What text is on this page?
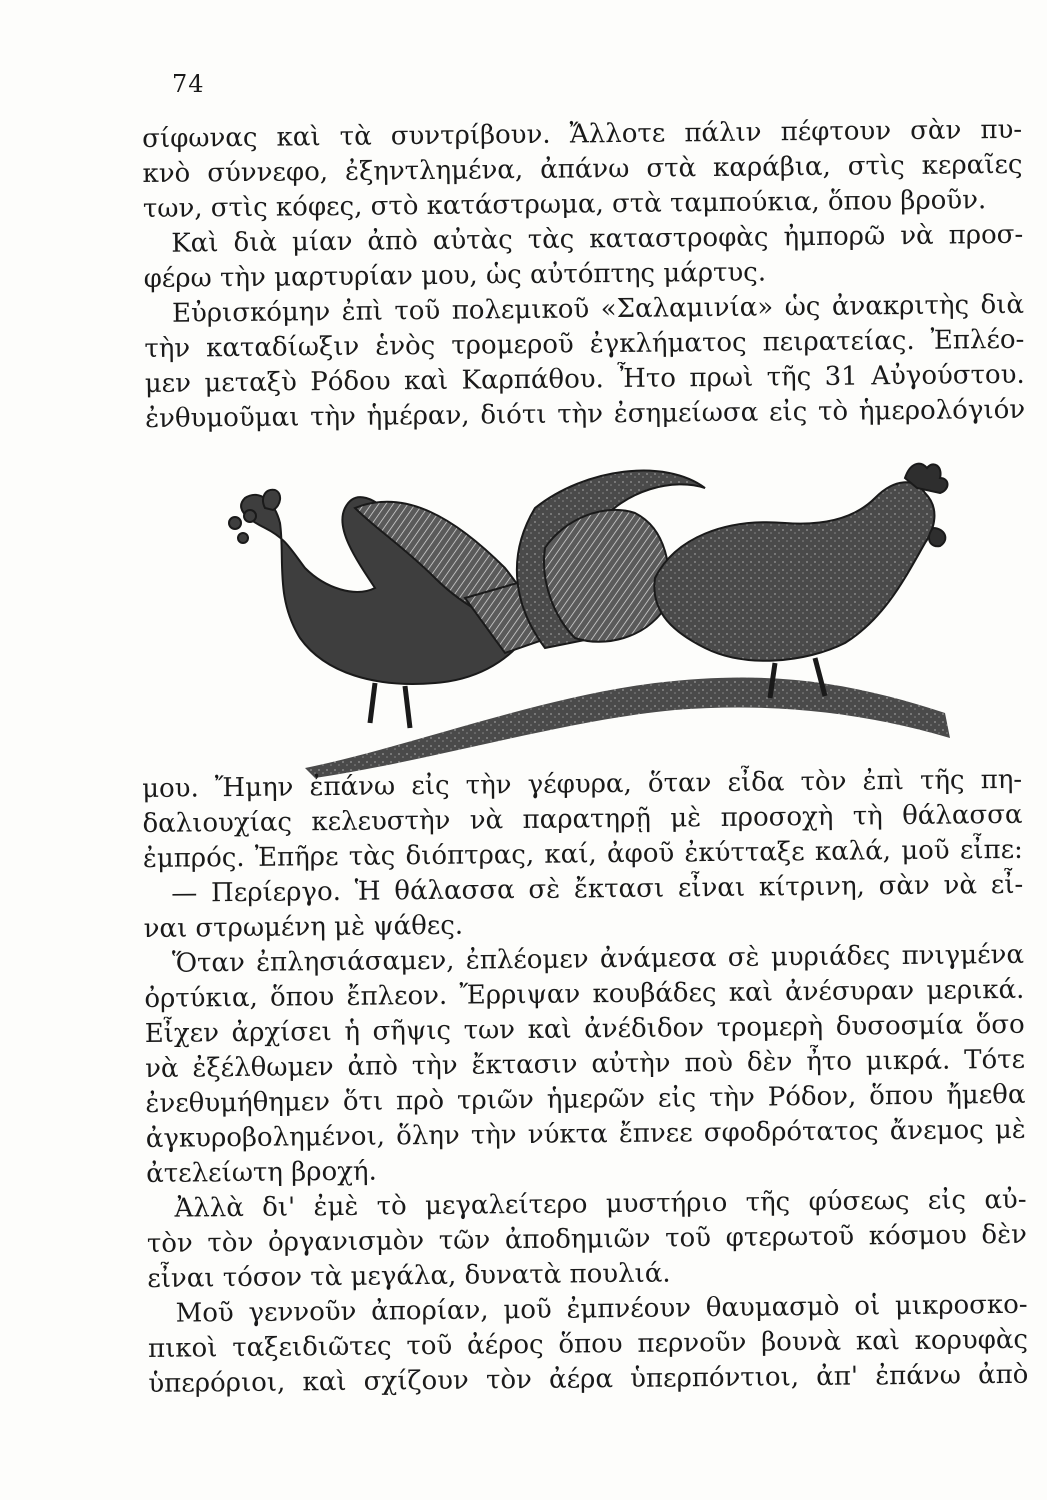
74
σίφωνας καὶ τὰ συντρίβουν. Ἄλλοτε πάλιν πέφτουν σὰν πυ-
κνὸ σύννεφο, ἐξηντλημένα, ἀπάνω στὰ καράβια, στὶς κεραῖες
των, στὶς κόφες, στὸ κατάστρωμα, στὰ ταμπούκια, ὅπου βροῦν.
Καὶ διὰ μίαν ἀπὸ αὐτὰς τὰς καταστροφὰς ἠμπορῶ νὰ προσ-
φέρω τὴν μαρτυρίαν μου, ὡς αὐτόπτης μάρτυς.
Εὐρισκόμην ἐπὶ τοῦ πολεμικοῦ «Σαλαμινία» ὡς ἀνακριτὴς διὰ
τὴν καταδίωξιν ἑνὸς τρομεροῦ ἐγκλήματος πειρατείας. Ἐπλέο-
μεν μεταξὺ Ρόδου καὶ Καρπάθου. Ἦτο πρωὶ τῆς 31 Αὐγούστου.
ἐνθυμοῦμαι τὴν ἡμέραν, διότι τὴν ἐσημείωσα εἰς τὸ ἡμερολόγιόν
μου. Ἤμην ἐπάνω εἰς τὴν γέφυρα, ὅταν εἶδα τὸν ἐπὶ τῆς πη-
δαλιουχίας κελευστὴν νὰ παρατηρῇ μὲ προσοχὴ τὴ θάλασσα
ἐμπρός. Ἐπῆρε τὰς διόπτρας, καί, ἀφοῦ ἐκύτταξε καλά, μοῦ εἶπε:
— Περίεργο. Ἡ θάλασσα σὲ ἔκτασι εἶναι κίτρινη, σὰν νὰ εἶ-
ναι στρωμένη μὲ ψάθες.
Ὅταν ἐπλησιάσαμεν, ἐπλέομεν ἀνάμεσα σὲ μυριάδες πνιγμένα
ὀρτύκια, ὅπου ἔπλεον. Ἔρριψαν κουβάδες καὶ ἀνέσυραν μερικά.
Εἶχεν ἀρχίσει ἡ σῆψις των καὶ ἀνέδιδον τρομερὴ δυσοσμία ὅσο
νὰ ἐξέλθωμεν ἀπὸ τὴν ἔκτασιν αὐτὴν ποὺ δὲν ἦτο μικρά. Τότε
ἐνεθυμήθημεν ὅτι πρὸ τριῶν ἡμερῶν εἰς τὴν Ρόδον, ὅπου ἤμεθα
ἀγκυροβολημένοι, ὅλην τὴν νύκτα ἔπνεε σφοδρότατος ἄνεμος μὲ
ἀτελείωτη βροχή.
Ἀλλὰ δι' ἐμὲ τὸ μεγαλείτερο μυστήριο τῆς φύσεως εἰς αὐ-
τὸν τὸν ὀργανισμὸν τῶν ἀποδημιῶν τοῦ φτερωτοῦ κόσμου δὲν
εἶναι τόσον τὰ μεγάλα, δυνατὰ πουλιά.
Μοῦ γεννοῦν ἀπορίαν, μοῦ ἐμπνέουν θαυμασμὸ οἱ μικροσκο-
πικοὶ ταξειδιῶτες τοῦ ἀέρος ὅπου περνοῦν βουνὰ καὶ κορυφὰς
ὑπερόριοι, καὶ σχίζουν τὸν ἀέρα ὑπερπόντιοι, ἀπ' ἐπάνω ἀπὸ
